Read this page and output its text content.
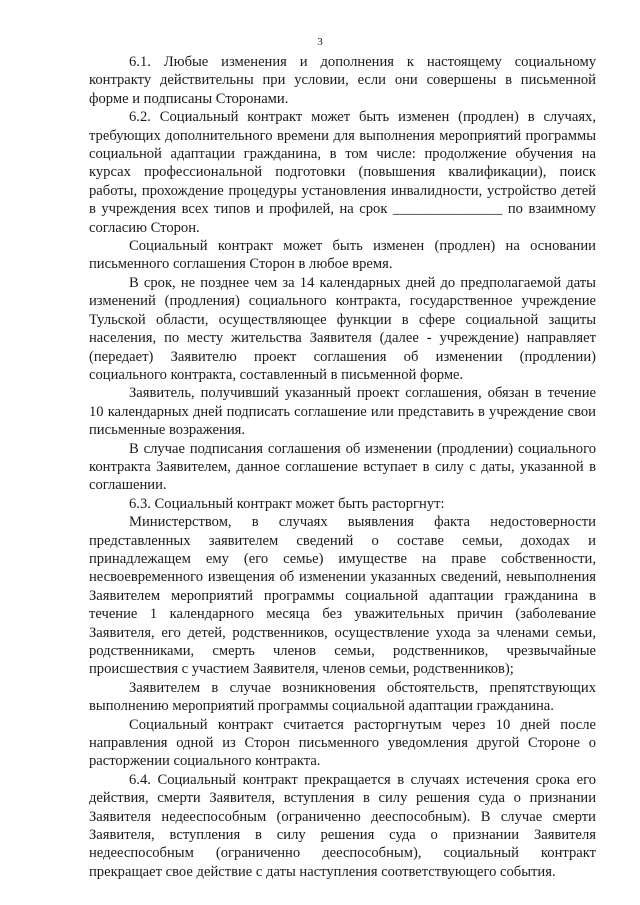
3

6.1. Любые изменения и дополнения к настоящему социальному контракту действительны при условии, если они совершены в письменной форме и подписаны Сторонами.

6.2. Социальный контракт может быть изменен (продлен) в случаях, требующих дополнительного времени для выполнения мероприятий программы социальной адаптации гражданина, в том числе: продолжение обучения на курсах профессиональной подготовки (повышения квалификации), поиск работы, прохождение процедуры установления инвалидности, устройство детей в учреждения всех типов и профилей, на срок _______________ по взаимному согласию Сторон.

Социальный контракт может быть изменен (продлен) на основании письменного соглашения Сторон в любое время.

В срок, не позднее чем за 14 календарных дней до предполагаемой даты изменений (продления) социального контракта, государственное учреждение Тульской области, осуществляющее функции в сфере социальной защиты населения, по месту жительства Заявителя (далее - учреждение) направляет (передает) Заявителю проект соглашения об изменении (продлении) социального контракта, составленный в письменной форме.

Заявитель, получивший указанный проект соглашения, обязан в течение 10 календарных дней подписать соглашение или представить в учреждение свои письменные возражения.

В случае подписания соглашения об изменении (продлении) социального контракта Заявителем, данное соглашение вступает в силу с даты, указанной в соглашении.

6.3. Социальный контракт может быть расторгнут:

Министерством, в случаях выявления факта недостоверности представленных заявителем сведений о составе семьи, доходах и принадлежащем ему (его семье) имуществе на праве собственности, несвоевременного извещения об изменении указанных сведений, невыполнения Заявителем мероприятий программы социальной адаптации гражданина в течение 1 календарного месяца без уважительных причин (заболевание Заявителя, его детей, родственников, осуществление ухода за членами семьи, родственниками, смерть членов семьи, родственников, чрезвычайные происшествия с участием Заявителя, членов семьи, родственников);

Заявителем в случае возникновения обстоятельств, препятствующих выполнению мероприятий программы социальной адаптации гражданина.

Социальный контракт считается расторгнутым через 10 дней после направления одной из Сторон письменного уведомления другой Стороне о расторжении социального контракта.

6.4. Социальный контракт прекращается в случаях истечения срока его действия, смерти Заявителя, вступления в силу решения суда о признании Заявителя недееспособным (ограниченно дееспособным). В случае смерти Заявителя, вступления в силу решения суда о признании Заявителя недееспособным (ограниченно дееспособным), социальный контракт прекращает свое действие с даты наступления соответствующего события.
